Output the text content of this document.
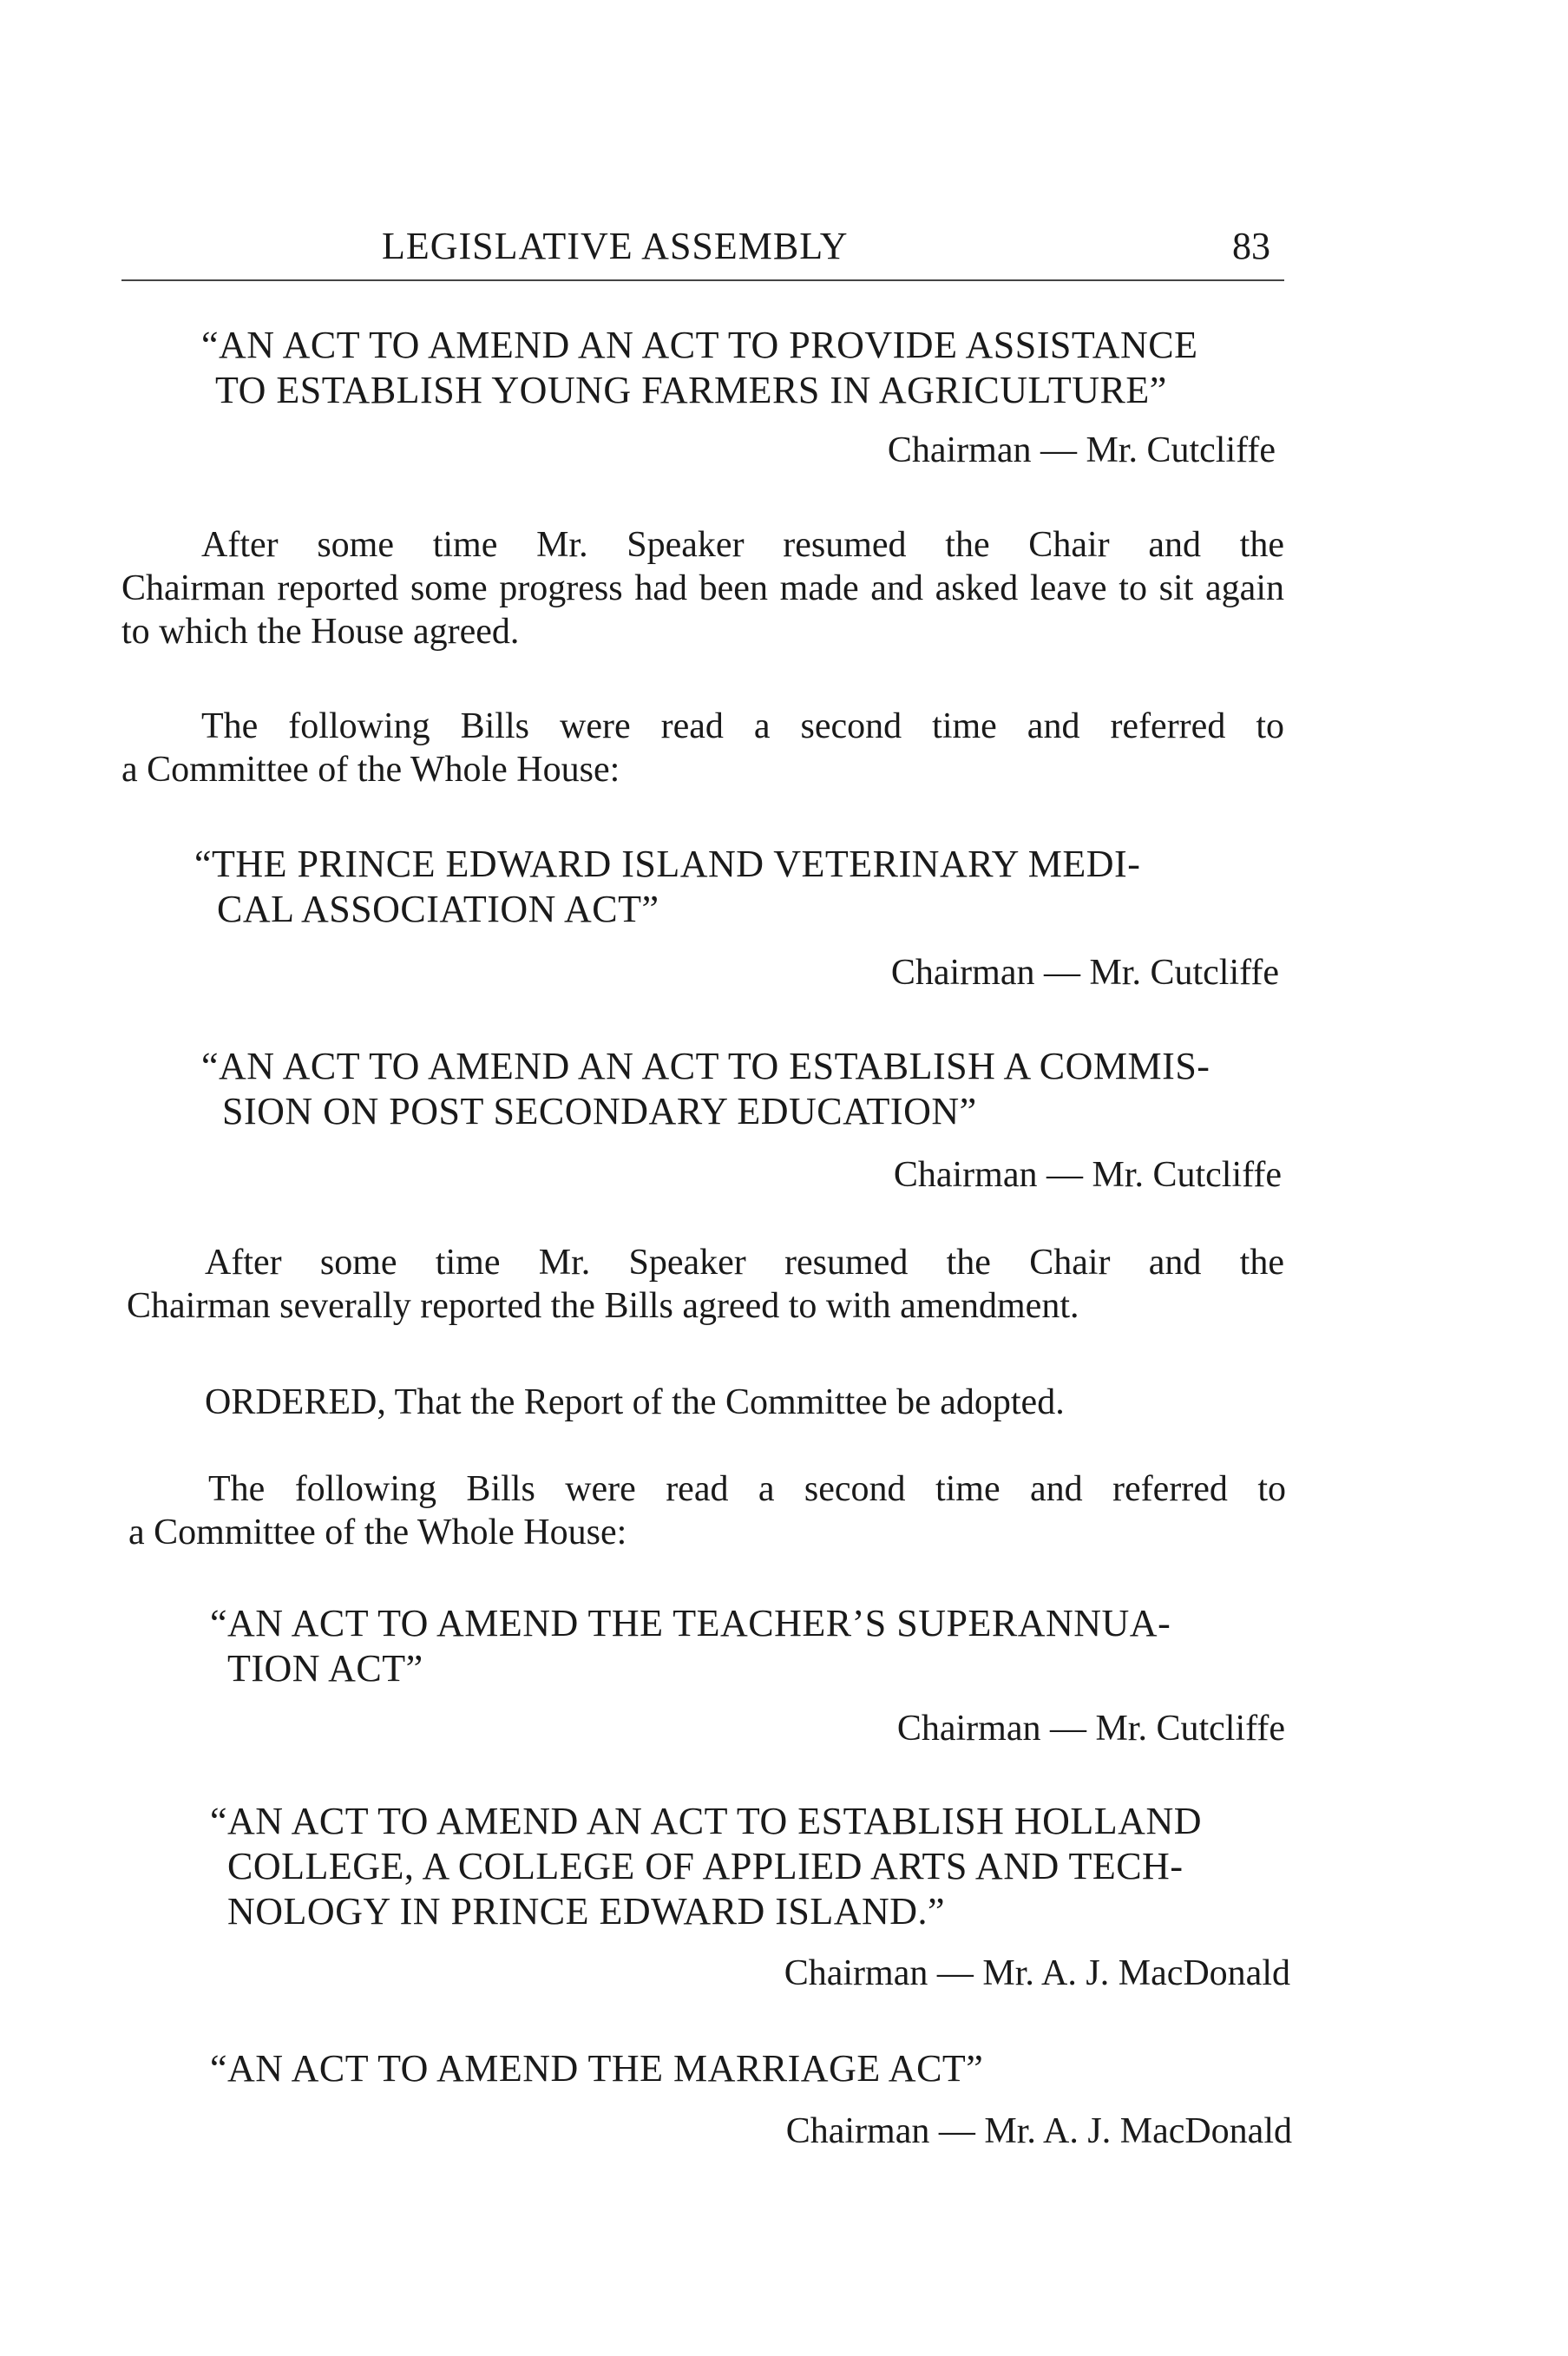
LEGISLATIVE ASSEMBLY	83
“AN ACT TO AMEND AN ACT TO PROVIDE ASSISTANCE
TO ESTABLISH YOUNG FARMERS IN AGRICULTURE”
Chairman — Mr. Cutcliffe
After some time Mr. Speaker resumed the Chair and the
Chairman reported some progress had been made and asked leave to sit again to which the House agreed.
The following Bills were read a second time and referred to
a Committee of the Whole House:
“THE PRINCE EDWARD ISLAND VETERINARY MEDI-
CAL ASSOCIATION ACT”
Chairman — Mr. Cutcliffe
“AN ACT TO AMEND AN ACT TO ESTABLISH A COMMIS-
SION ON POST SECONDARY EDUCATION”
Chairman — Mr. Cutcliffe
After some time Mr. Speaker resumed the Chair and the
Chairman severally reported the Bills agreed to with amendment.
ORDERED, That the Report of the Committee be adopted.
The following Bills were read a second time and referred to
a Committee of the Whole House:
“AN ACT TO AMEND THE TEACHER’S SUPERANNUA-
TION ACT”
Chairman — Mr. Cutcliffe
“AN ACT TO AMEND AN ACT TO ESTABLISH HOLLAND
COLLEGE, A COLLEGE OF APPLIED ARTS AND TECH-
NOLOGY IN PRINCE EDWARD ISLAND.”
Chairman — Mr. A. J. MacDonald
“AN ACT TO AMEND THE MARRIAGE ACT”
Chairman — Mr. A. J. MacDonald
